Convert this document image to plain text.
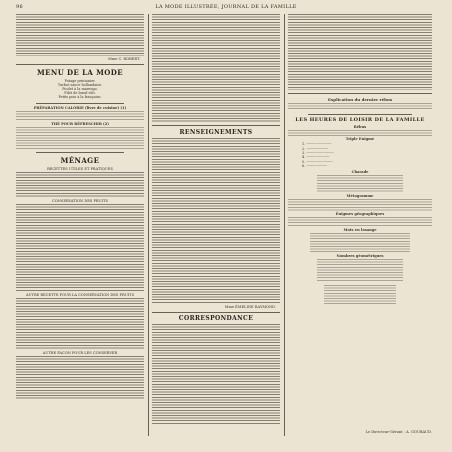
96	LA MODE ILLUSTRÉE, JOURNAL DE LA FAMILLE
Mme C. ROBERT.
MENU DE LA MODE
Potage printanier.
Turbot sauce hollandaise.
Poulet à la marengo.
Filet de bœuf rôti.
Petits pois à la française.
PRÉPARATION CALORIE (livre de cuisine) (1)
THÉ POUR RÉFRESCHIR (2)
MÉNAGE
RECETTES UTILES ET PRATIQUES
CONSERVATION DES FRUITS
AUTRE RECETTE POUR LA CONSERVATION DES FRUITS
AUTRE FACON POUR LES CONSERVER
RENSEIGNEMENTS
Mme ÉMELINE RAYMOND.
CORRESPONDANCE
Explication du dernier rébus
LES HEURES DE LOISIR DE LA FAMILLE
Rébus
Triple Enigme
1. ----------------------
2. -------------------
3. ------------------------
4. --------------------
5. -----------------------
6. ------------------
Charade
Métagramme
Énigmes géographiques
Mots en losange
Nombres géométriques
Le Directeur-Gérant : A. GOUBAUD.
